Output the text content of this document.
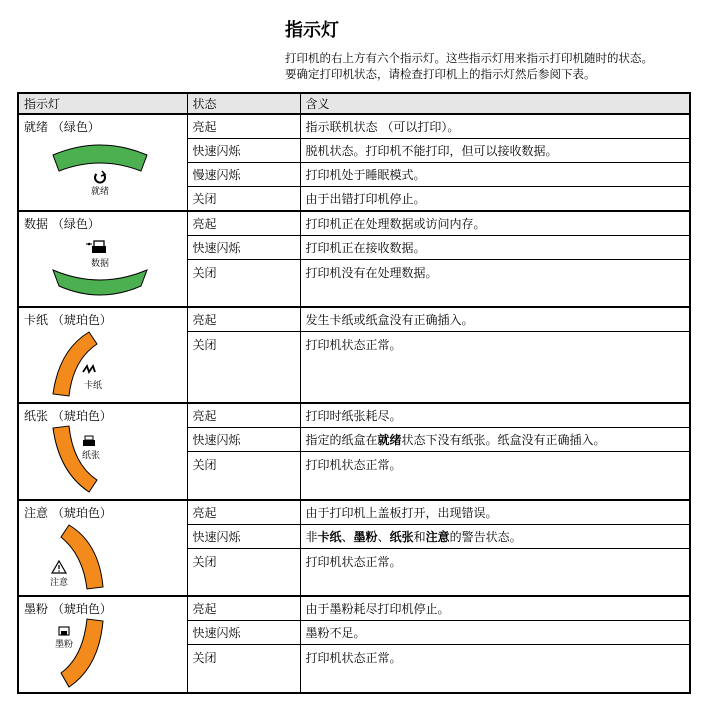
指示灯

打印机的右上方有六个指示灯。这些指示灯用来指示打印机随时的状态。
要确定打印机状态，请检查打印机上的指示灯然后参阅下表。

指示灯	状态	含义

就绪 （绿色）
就绪	亮起	指示联机状态 （可以打印）。
	快速闪烁	脱机状态。打印机不能打印，但可以接收数据。
	慢速闪烁	打印机处于睡眠模式。
	关闭	由于出错打印机停止。

数据 （绿色）
数据	亮起	打印机正在处理数据或访问内存。
	快速闪烁	打印机正在接收数据。
	关闭	打印机没有在处理数据。

卡纸 （琥珀色）
卡纸	亮起	发生卡纸或纸盒没有正确插入。
	关闭	打印机状态正常。

纸张 （琥珀色）
纸张	亮起	打印时纸张耗尽。
	快速闪烁	指定的纸盒在就绪状态下没有纸张。纸盒没有正确插入。
	关闭	打印机状态正常。

注意 （琥珀色）
注意	亮起	由于打印机上盖板打开，出现错误。
	快速闪烁	非卡纸、墨粉、纸张和注意的警告状态。
	关闭	打印机状态正常。

墨粉 （琥珀色）
墨粉	亮起	由于墨粉耗尽打印机停止。
	快速闪烁	墨粉不足。
	关闭	打印机状态正常。
